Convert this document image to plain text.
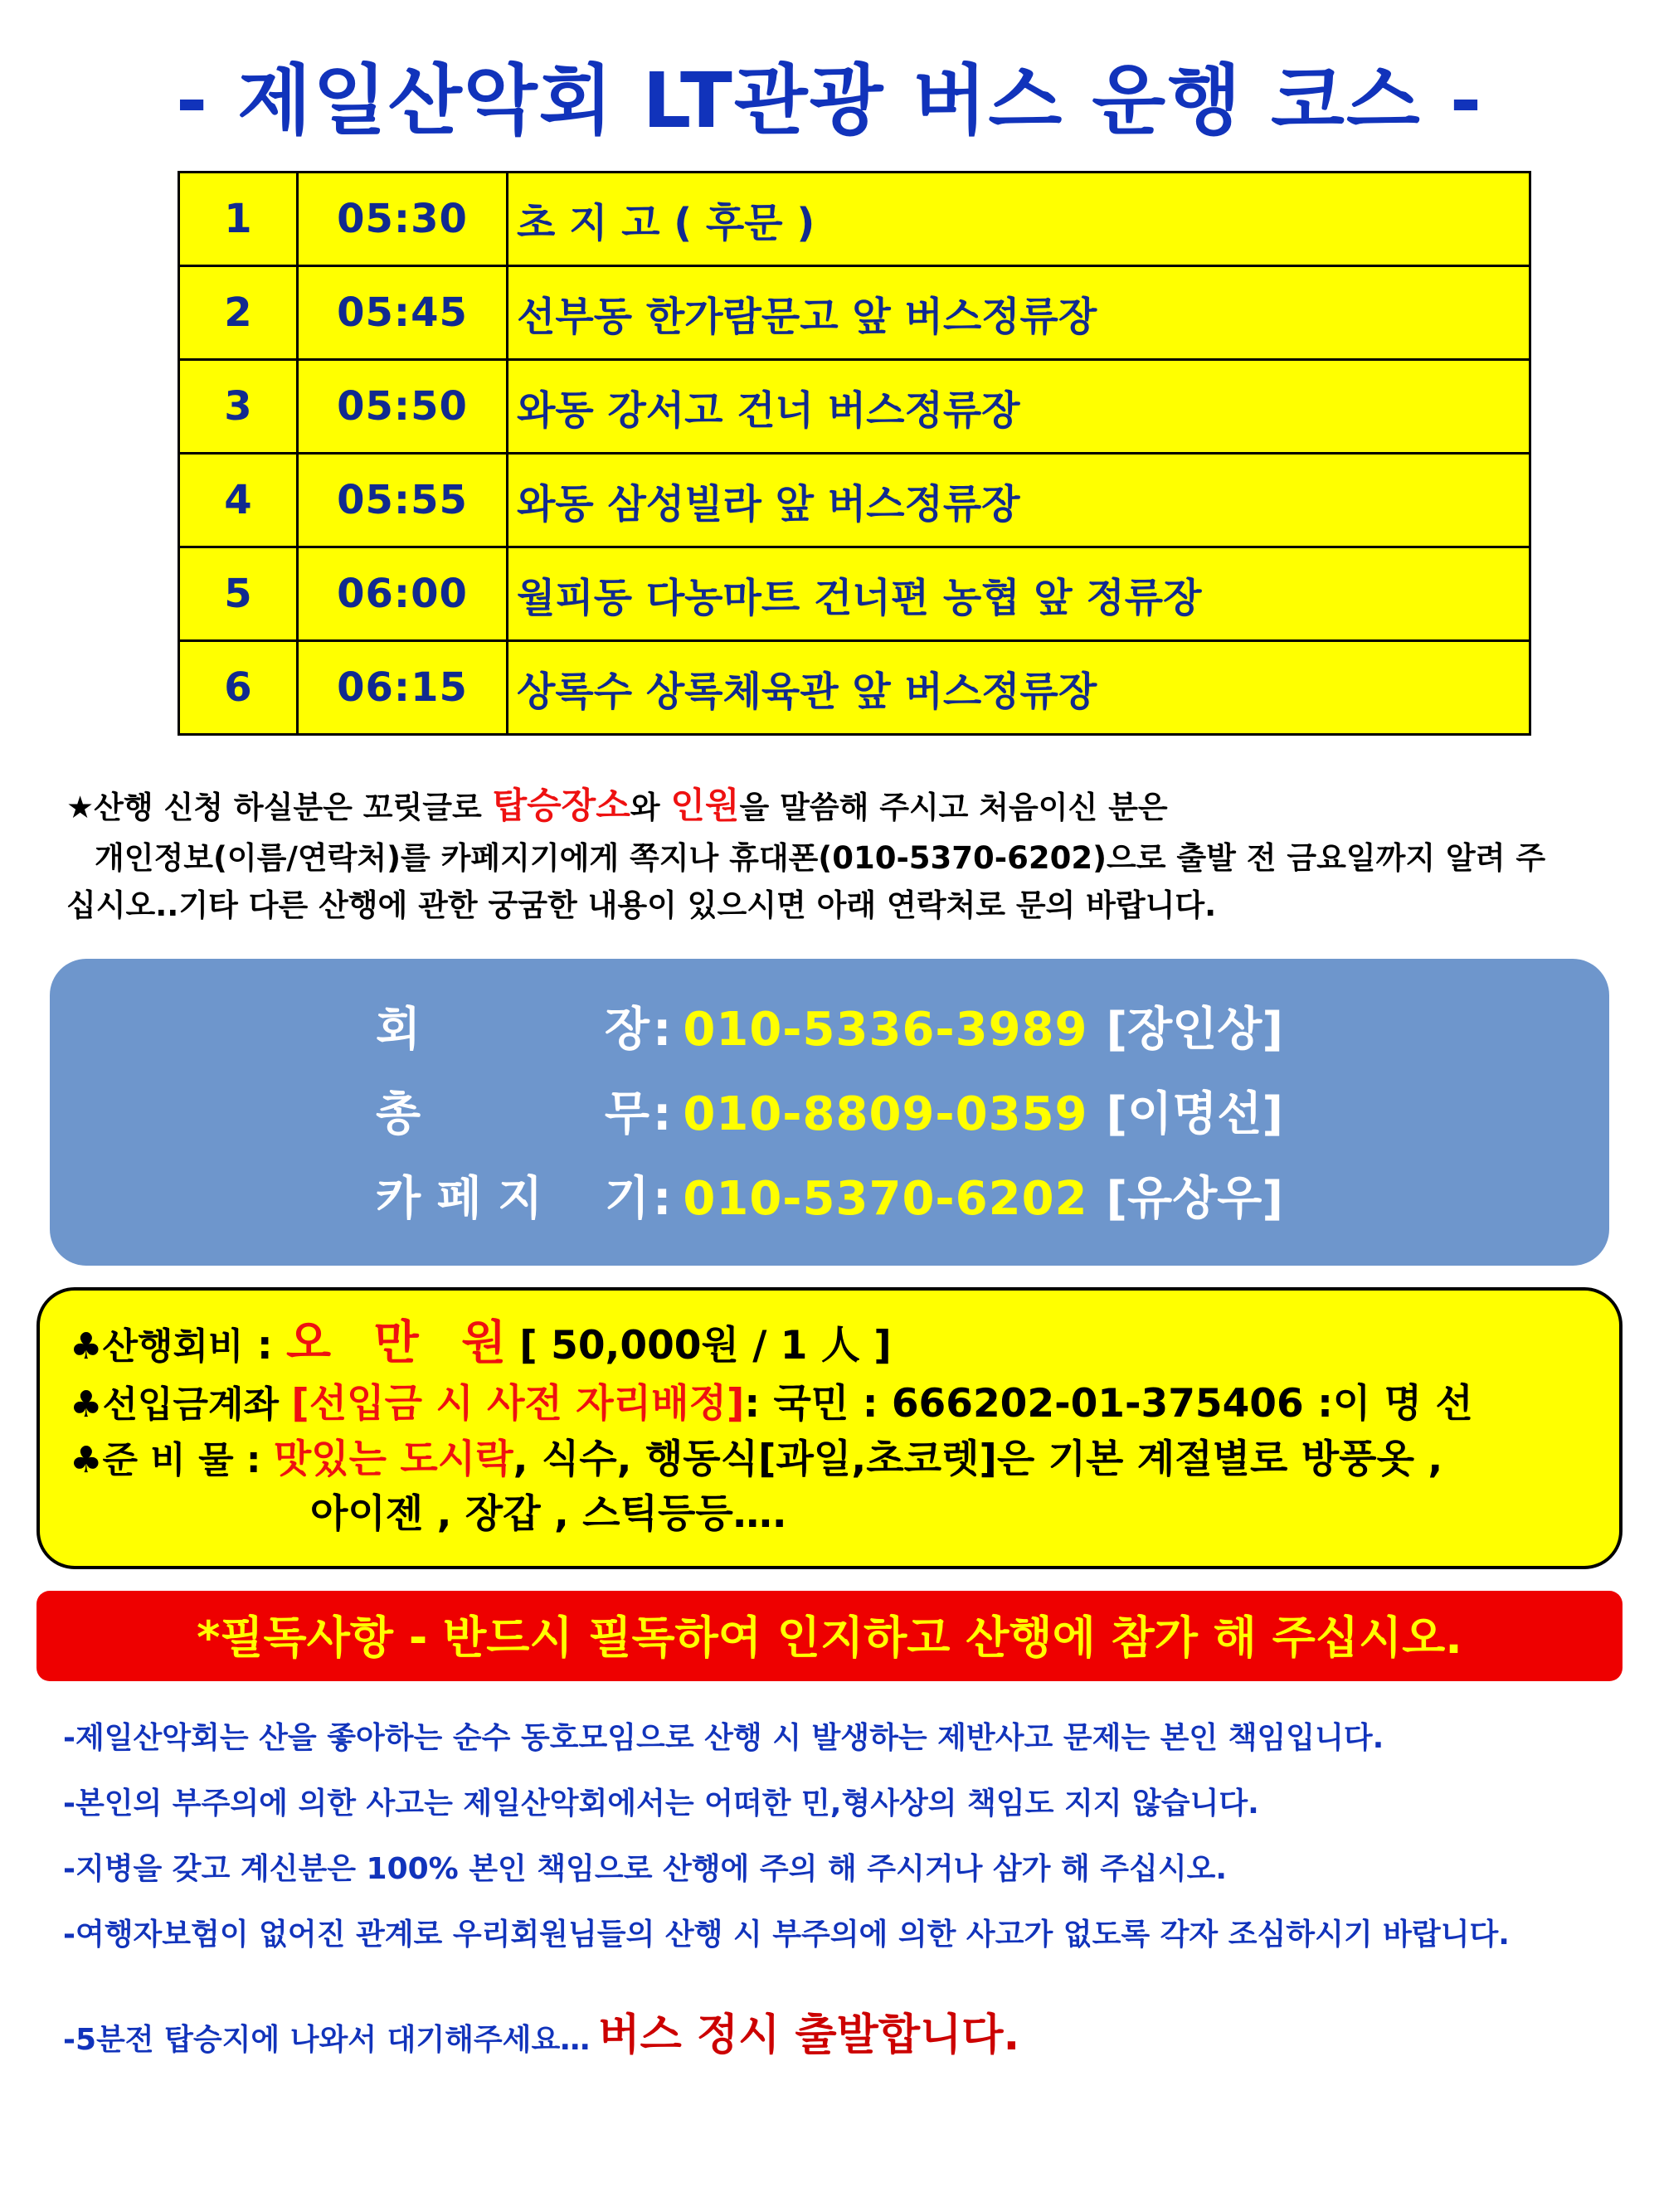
- 제일산악회 LT관광 버스 운행 코스 -
1	05:30	초 지 고 ( 후문 )
2	05:45	선부동 한가람문고 앞 버스정류장
3	05:50	와동 강서고 건너 버스정류장
4	05:55	와동 삼성빌라 앞 버스정류장
5	06:00	월피동 다농마트 건너편 농협 앞 정류장
6	06:15	상록수 상록체육관 앞 버스정류장
★산행 신청 하실분은 꼬릿글로 탑승장소와 인원을 말씀해 주시고 처음이신 분은
개인정보(이름/연락처)를 카페지기에게 쪽지나 휴대폰(010-5370-6202)으로 출발 전 금요일까지 알려 주
십시오..기타 다른 산행에 관한 궁굼한 내용이 있으시면 아래 연락처로 문의 바랍니다.
회	장 : 010-5336-3989 [장인상]
총	무 : 010-8809-0359 [이명선]
카 페 지 기 : 010-5370-6202 [유상우]
♣산행회비 : 오 만 원[ 50,000원 / 1 人 ]
♣선입금계좌 [선입금 시 사전 자리배정]: 국민 : 666202-01-375406 :이 명 선
♣준 비 물 : 맛있는 도시락, 식수, 행동식[과일,초코렛]은 기본 계절별로 방풍옷 ,
아이젠 , 장갑 , 스틱등등….
*필독사항 - 반드시 필독하여 인지하고 산행에 참가 해 주십시오.
-제일산악회는 산을 좋아하는 순수 동호모임으로 산행 시 발생하는 제반사고 문제는 본인 책임입니다.
-본인의 부주의에 의한 사고는 제일산악회에서는 어떠한 민,형사상의 책임도 지지 않습니다.
-지병을 갖고 계신분은 100% 본인 책임으로 산행에 주의 해 주시거나 삼가 해 주십시오.
-여행자보험이 없어진 관계로 우리회원님들의 산행 시 부주의에 의한 사고가 없도록 각자 조심하시기 바랍니다.
-5분전 탑승지에 나와서 대기해주세요… 버스 정시 출발합니다.
